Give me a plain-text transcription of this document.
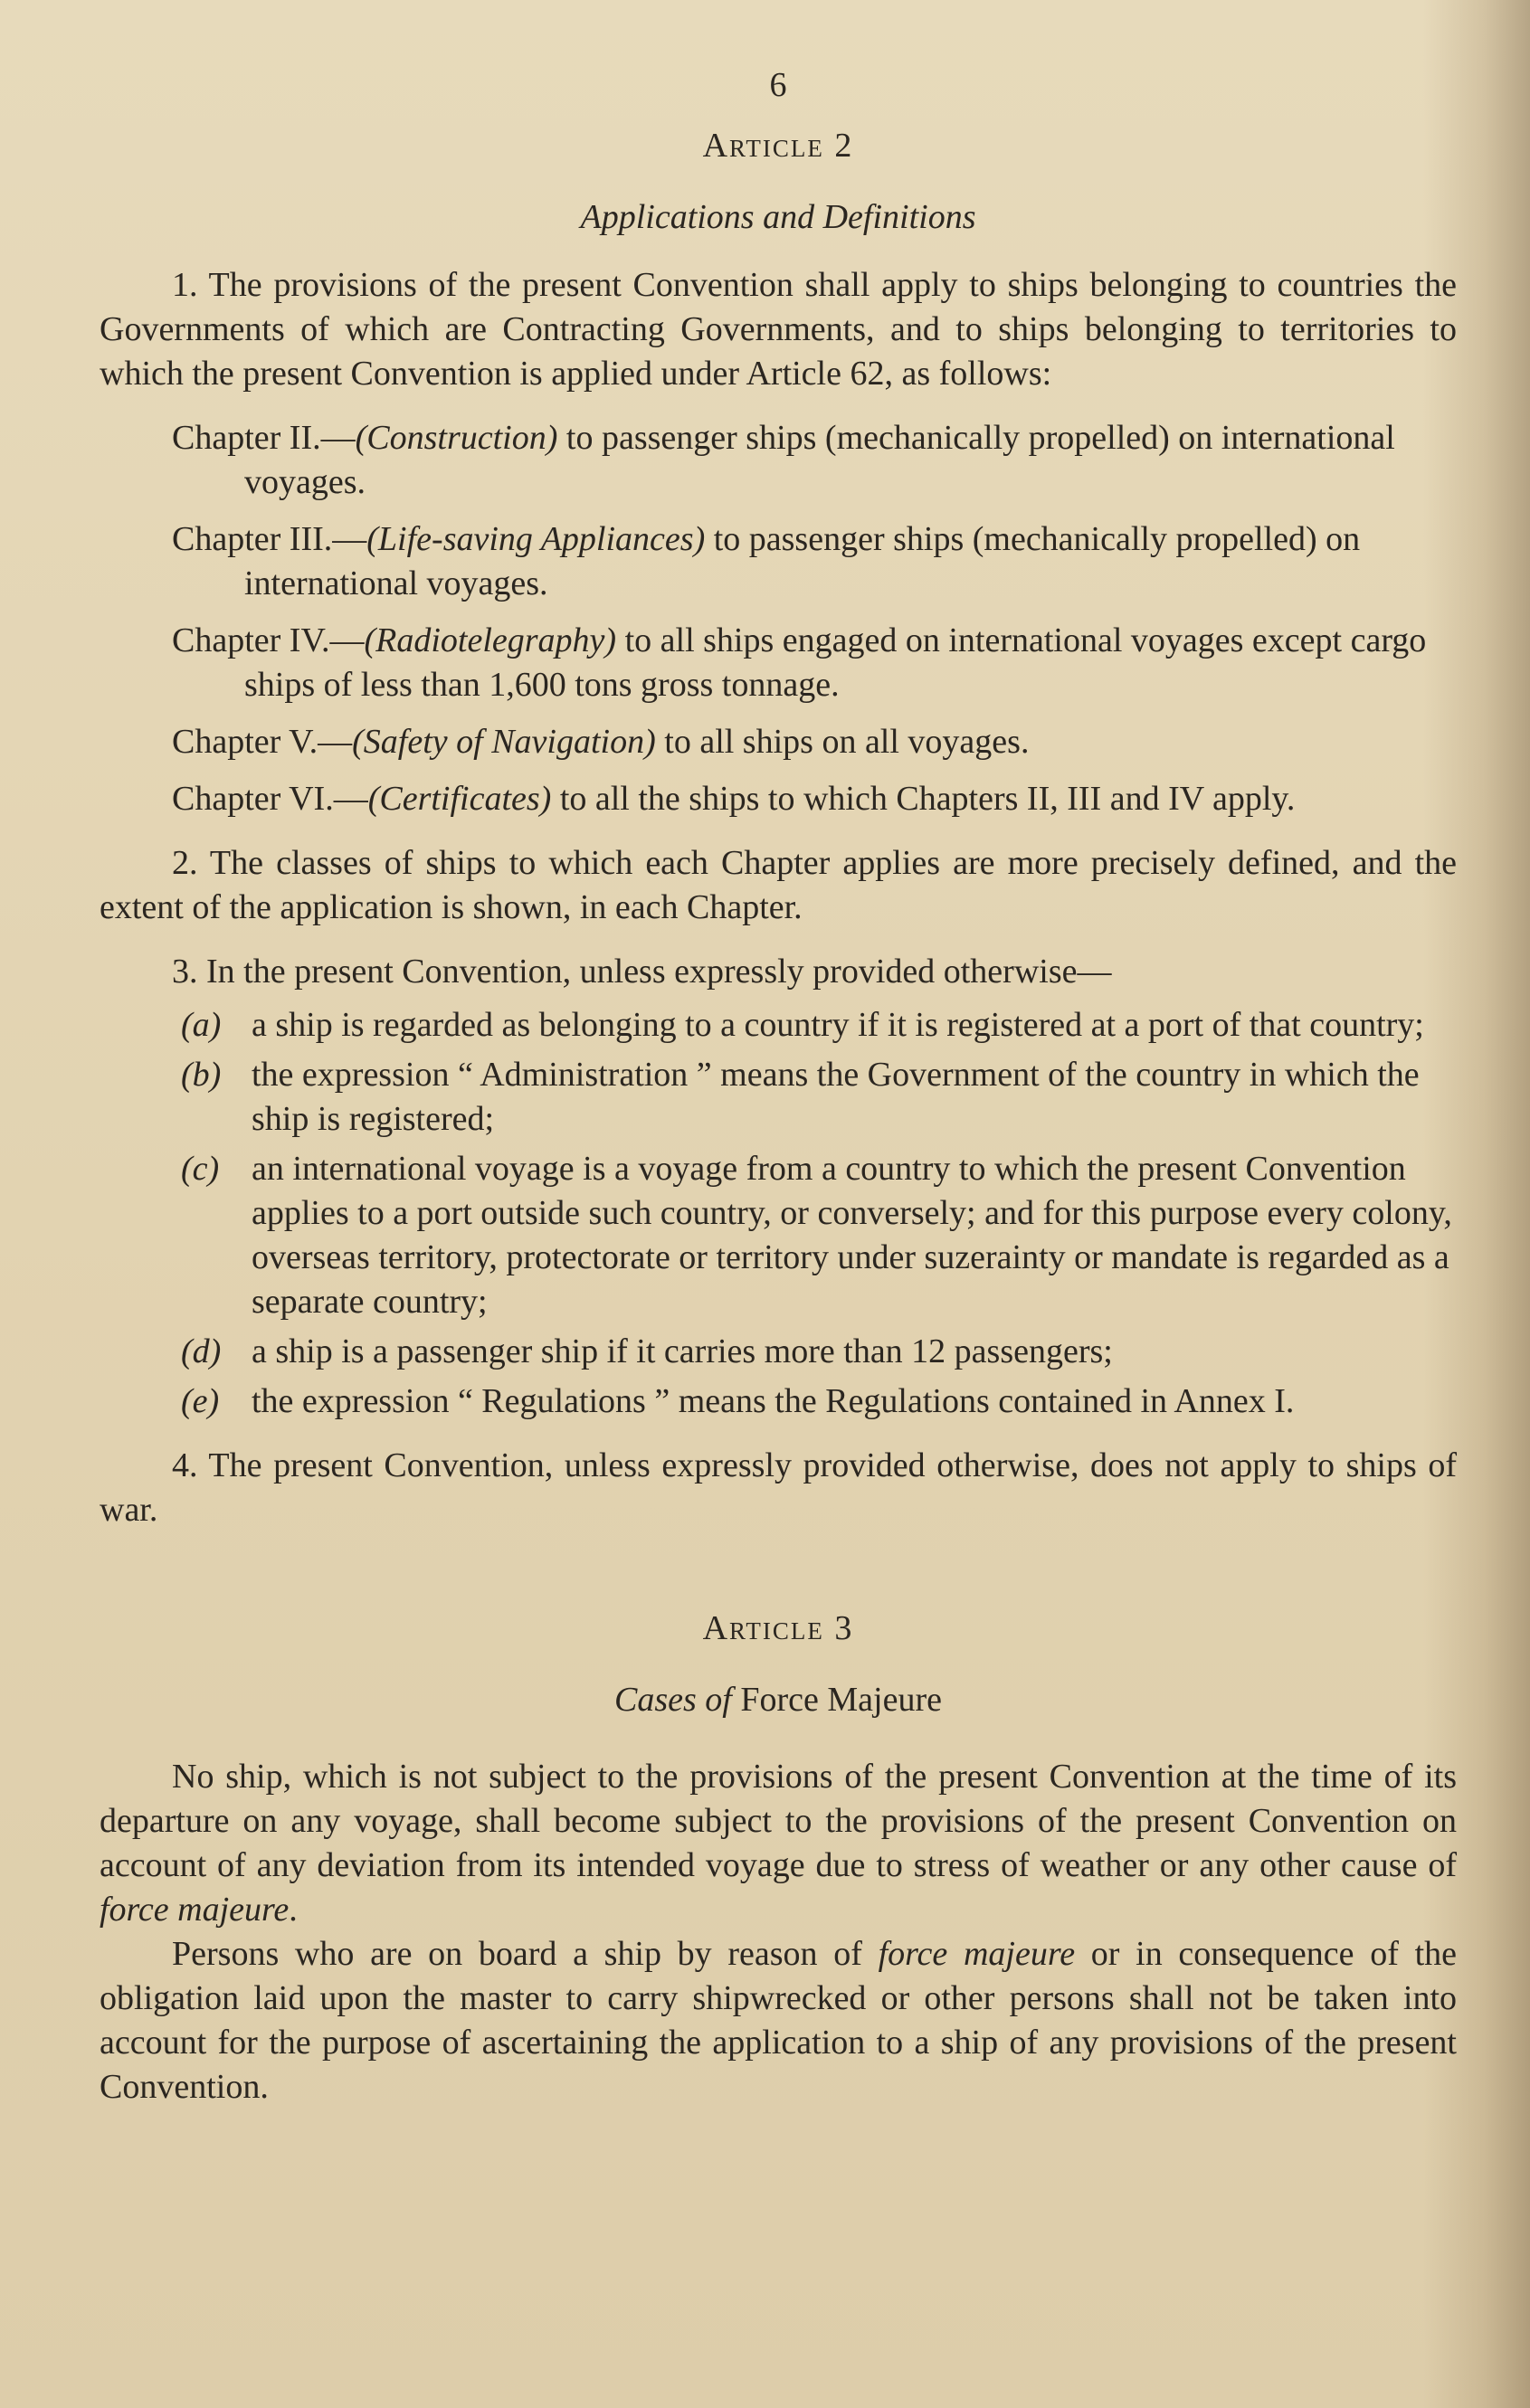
6
Article 2
Applications and Definitions

1. The provisions of the present Convention shall apply to ships belonging to countries the Governments of which are Contracting Governments, and to ships belonging to territories to which the present Convention is applied under Article 62, as follows:

Chapter II.—(Construction) to passenger ships (mechanically propelled) on international voyages.

Chapter III.—(Life-saving Appliances) to passenger ships (mechanically propelled) on international voyages.

Chapter IV.—(Radiotelegraphy) to all ships engaged on international voyages except cargo ships of less than 1,600 tons gross tonnage.

Chapter V.—(Safety of Navigation) to all ships on all voyages.

Chapter VI.—(Certificates) to all the ships to which Chapters II, III and IV apply.

2. The classes of ships to which each Chapter applies are more precisely defined, and the extent of the application is shown, in each Chapter.

3. In the present Convention, unless expressly provided otherwise—

(a) a ship is regarded as belonging to a country if it is registered at a port of that country;

(b) the expression “ Administration ” means the Government of the country in which the ship is registered;

(c) an international voyage is a voyage from a country to which the present Convention applies to a port outside such country, or conversely; and for this purpose every colony, overseas territory, protectorate or territory under suzerainty or mandate is regarded as a separate country;

(d) a ship is a passenger ship if it carries more than 12 passengers;

(e) the expression “ Regulations ” means the Regulations contained in Annex I.

4. The present Convention, unless expressly provided otherwise, does not apply to ships of war.

Article 3
Cases of Force Majeure

No ship, which is not subject to the provisions of the present Convention at the time of its departure on any voyage, shall become subject to the provisions of the present Convention on account of any deviation from its intended voyage due to stress of weather or any other cause of force majeure.

Persons who are on board a ship by reason of force majeure or in consequence of the obligation laid upon the master to carry shipwrecked or other persons shall not be taken into account for the purpose of ascertaining the application to a ship of any provisions of the present Convention.
